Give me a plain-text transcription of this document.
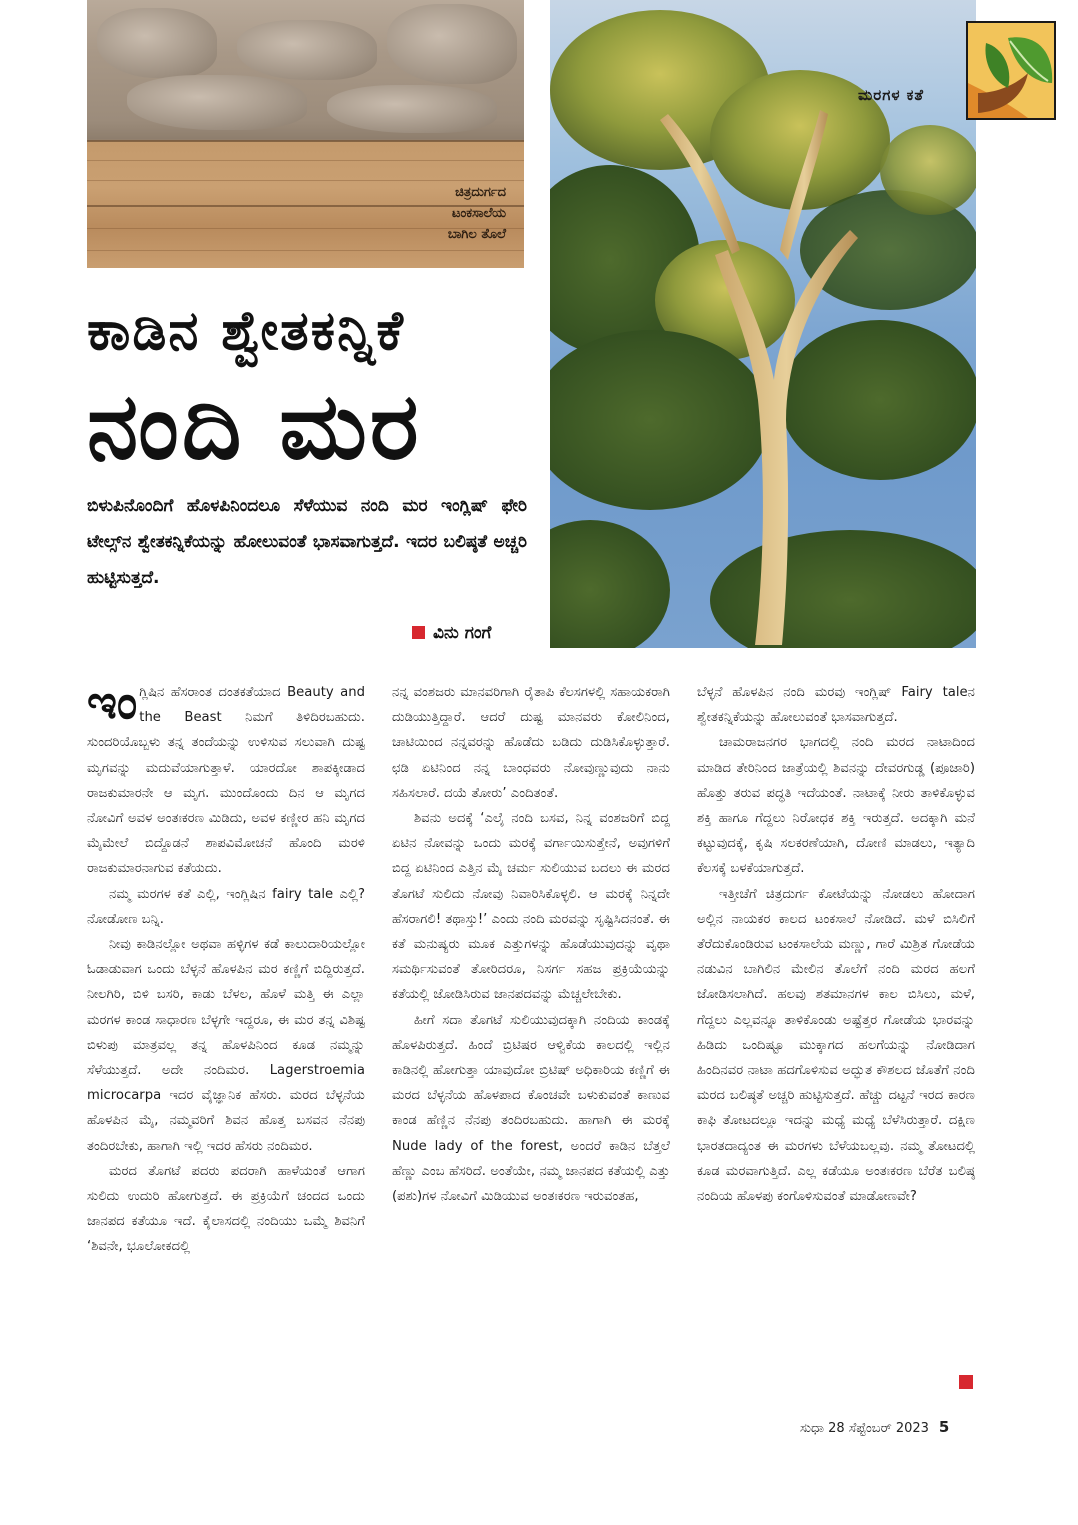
ಚಿತ್ರದುರ್ಗದ
ಟಂಕಸಾಲೆಯ
ಬಾಗಿಲ ತೊಲೆ
ಮರಗಳ ಕತೆ
ಕಾಡಿನ ಶ್ವೇತಕನ್ನಿಕೆ
ನಂದಿ ಮರ
ಬಿಳುಪಿನೊಂದಿಗೆ ಹೊಳಪಿನಿಂದಲೂ ಸೆಳೆಯುವ ನಂದಿ ಮರ ಇಂಗ್ಲಿಷ್ ಫೇರಿ ಟೇಲ್ಸ್‌ನ ಶ್ವೇತಕನ್ನಿಕೆಯನ್ನು ಹೋಲುವಂತೆ ಭಾಸವಾಗುತ್ತದೆ. ಇದರ ಬಲಿಷ್ಠತೆ ಅಚ್ಚರಿ ಹುಟ್ಟಿಸುತ್ತದೆ.
ವಿನು ಗಂಗೆ

ಇಂಗ್ಲಿಷಿನ ಹೆಸರಾಂತ ದಂತಕತೆಯಾದ Beauty and the Beast ನಿಮಗೆ ತಿಳಿದಿರಬಹುದು. ಸುಂದರಿಯೊಬ್ಬಳು ತನ್ನ ತಂದೆಯನ್ನು ಉಳಿಸುವ ಸಲುವಾಗಿ ದುಷ್ಟ ಮೃಗವನ್ನು ಮದುವೆಯಾಗುತ್ತಾಳೆ. ಯಾರದೋ ಶಾಪಕ್ಕೀಡಾದ ರಾಜಕುಮಾರನೇ ಆ ಮೃಗ. ಮುಂದೊಂದು ದಿನ ಆ ಮೃಗದ ನೋವಿಗೆ ಅವಳ ಅಂತಃಕರಣ ಮಿಡಿದು, ಅವಳ ಕಣ್ಣೀರ ಹನಿ ಮೃಗದ ಮೈಮೇಲೆ ಬಿದ್ದೊಡನೆ ಶಾಪವಿಮೋಚನೆ ಹೊಂದಿ ಮರಳಿ ರಾಜಕುಮಾರನಾಗುವ ಕತೆಯದು.

ನಮ್ಮ ಮರಗಳ ಕತೆ ಎಲ್ಲಿ, ಇಂಗ್ಲಿಷಿನ fairy tale ಎಲ್ಲಿ? ನೋಡೋಣ ಬನ್ನಿ.

ನೀವು ಕಾಡಿನಲ್ಲೋ ಅಥವಾ ಹಳ್ಳಿಗಳ ಕಡೆ ಕಾಲುದಾರಿಯಲ್ಲೋ ಓಡಾಡುವಾಗ ಒಂದು ಬೆಳ್ಳನೆ ಹೊಳಪಿನ ಮರ ಕಣ್ಣಿಗೆ ಬಿದ್ದಿರುತ್ತದೆ. ನೀಲಗಿರಿ, ಬಿಳಿ ಬಸರಿ, ಕಾಡು ಬೆಳಲ, ಹೊಳೆ ಮತ್ತಿ ಈ ಎಲ್ಲಾ ಮರಗಳ ಕಾಂಡ ಸಾಧಾರಣ ಬೆಳ್ಳಗೇ ಇದ್ದರೂ, ಈ ಮರ ತನ್ನ ವಿಶಿಷ್ಟ ಬಿಳುಪು ಮಾತ್ರವಲ್ಲ ತನ್ನ ಹೊಳಪಿನಿಂದ ಕೂಡ ನಮ್ಮನ್ನು ಸೆಳೆಯುತ್ತದೆ. ಅದೇ ನಂದಿಮರ. Lagerstroemia microcarpa ಇದರ ವೈಜ್ಞಾನಿಕ ಹೆಸರು. ಮರದ ಬೆಳ್ಳನೆಯ ಹೊಳಪಿನ ಮೈ, ನಮ್ಮವರಿಗೆ ಶಿವನ ಹೊತ್ತ ಬಸವನ ನೆನಪು ತಂದಿರಬೇಕು, ಹಾಗಾಗಿ ಇಲ್ಲಿ ಇದರ ಹೆಸರು ನಂದಿಮರ.

ಮರದ ತೊಗಟೆ ಪದರು ಪದರಾಗಿ ಹಾಳೆಯಂತೆ ಆಗಾಗ ಸುಲಿದು ಉದುರಿ ಹೋಗುತ್ತದೆ. ಈ ಪ್ರಕ್ರಿಯೆಗೆ ಚಂದದ ಒಂದು ಜಾನಪದ ಕತೆಯೂ ಇದೆ. ಕೈಲಾಸದಲ್ಲಿ ನಂದಿಯು ಒಮ್ಮೆ ಶಿವನಿಗೆ ‘ಶಿವನೇ, ಭೂಲೋಕದಲ್ಲಿ

ನನ್ನ ವಂಶಜರು ಮಾನವರಿಗಾಗಿ ರೈತಾಪಿ ಕೆಲಸಗಳಲ್ಲಿ ಸಹಾಯಕರಾಗಿ ದುಡಿಯುತ್ತಿದ್ದಾರೆ. ಆದರೆ ದುಷ್ಟ ಮಾನವರು ಕೋಲಿನಿಂದ, ಚಾಟಿಯಿಂದ ನನ್ನವರನ್ನು ಹೊಡೆದು ಬಡಿದು ದುಡಿಸಿಕೊಳ್ಳುತ್ತಾರೆ. ಛಡಿ ಏಟಿನಿಂದ ನನ್ನ ಬಾಂಧವರು ನೋವುಣ್ಣುವುದು ನಾನು ಸಹಿಸಲಾರೆ. ದಯೆ ತೋರು’ ಎಂದಿತಂತೆ.

ಶಿವನು ಅದಕ್ಕೆ ‘ಎಲೈ ನಂದಿ ಬಸವ, ನಿನ್ನ ವಂಶಜರಿಗೆ ಬಿದ್ದ ಏಟಿನ ನೋವನ್ನು ಒಂದು ಮರಕ್ಕೆ ವರ್ಗಾಯಿಸುತ್ತೇನೆ, ಅವುಗಳಿಗೆ ಬಿದ್ದ ಏಟಿನಿಂದ ಎತ್ತಿನ ಮೈ ಚರ್ಮ ಸುಲಿಯುವ ಬದಲು ಈ ಮರದ ತೊಗಟೆ ಸುಲಿದು ನೋವು ನಿವಾರಿಸಿಕೊಳ್ಳಲಿ. ಆ ಮರಕ್ಕೆ ನಿನ್ನದೇ ಹೆಸರಾಗಲಿ! ತಥಾಸ್ತು!’ ಎಂದು ನಂದಿ ಮರವನ್ನು ಸೃಷ್ಟಿಸಿದನಂತೆ. ಈ ಕತೆ ಮನುಷ್ಯರು ಮೂಕ ಎತ್ತುಗಳನ್ನು ಹೊಡೆಯುವುದನ್ನು ವೃಥಾ ಸಮರ್ಥಿಸುವಂತೆ ತೋರಿದರೂ, ನಿಸರ್ಗ ಸಹಜ ಪ್ರಕ್ರಿಯೆಯನ್ನು ಕತೆಯಲ್ಲಿ ಜೋಡಿಸಿರುವ ಜಾನಪದವನ್ನು ಮೆಚ್ಚಲೇಬೇಕು.

ಹೀಗೆ ಸದಾ ತೊಗಟೆ ಸುಲಿಯುವುದಕ್ಕಾಗಿ ನಂದಿಯ ಕಾಂಡಕ್ಕೆ ಹೊಳಪಿರುತ್ತದೆ. ಹಿಂದೆ ಬ್ರಿಟಿಷರ ಆಳ್ವಿಕೆಯ ಕಾಲದಲ್ಲಿ ಇಲ್ಲಿನ ಕಾಡಿನಲ್ಲಿ ಹೋಗುತ್ತಾ ಯಾವುದೋ ಬ್ರಿಟಿಷ್ ಅಧಿಕಾರಿಯ ಕಣ್ಣಿಗೆ ಈ ಮರದ ಬೆಳ್ಳನೆಯ ಹೊಳಪಾದ ಕೊಂಚವೇ ಬಳುಕುವಂತೆ ಕಾಣುವ ಕಾಂಡ ಹೆಣ್ಣಿನ ನೆನಪು ತಂದಿರಬಹುದು. ಹಾಗಾಗಿ ಈ ಮರಕ್ಕೆ Nude lady of the forest, ಅಂದರೆ ಕಾಡಿನ ಬೆತ್ತಲೆ ಹೆಣ್ಣು ಎಂಬ ಹೆಸರಿದೆ. ಅಂತೆಯೇ, ನಮ್ಮ ಜಾನಪದ ಕತೆಯಲ್ಲಿ ಎತ್ತು (ಪಶು)ಗಳ ನೋವಿಗೆ ಮಿಡಿಯುವ ಅಂತಃಕರಣ ಇರುವಂತಹ,

ಬೆಳ್ಳನೆ ಹೊಳಪಿನ ನಂದಿ ಮರವು ಇಂಗ್ಲಿಷ್ Fairy taleನ ಶ್ವೇತಕನ್ನಿಕೆಯನ್ನು ಹೋಲುವಂತೆ ಭಾಸವಾಗುತ್ತದೆ.

ಚಾಮರಾಜನಗರ ಭಾಗದಲ್ಲಿ ನಂದಿ ಮರದ ನಾಟಾದಿಂದ ಮಾಡಿದ ತೇರಿನಿಂದ ಜಾತ್ರೆಯಲ್ಲಿ ಶಿವನನ್ನು ದೇವರಗುಡ್ಡ (ಪೂಜಾರಿ) ಹೊತ್ತು ತರುವ ಪದ್ಧತಿ ಇದೆಯಂತೆ. ನಾಟಾಕ್ಕೆ ನೀರು ತಾಳಿಕೊಳ್ಳುವ ಶಕ್ತಿ ಹಾಗೂ ಗೆದ್ದಲು ನಿರೋಧಕ ಶಕ್ತಿ ಇರುತ್ತದೆ. ಅದಕ್ಕಾಗಿ ಮನೆ ಕಟ್ಟುವುದಕ್ಕೆ, ಕೃಷಿ ಸಲಕರಣೆಯಾಗಿ, ದೋಣಿ ಮಾಡಲು, ಇತ್ಯಾದಿ ಕೆಲಸಕ್ಕೆ ಬಳಕೆಯಾಗುತ್ತದೆ.

ಇತ್ತೀಚೆಗೆ ಚಿತ್ರದುರ್ಗ ಕೋಟೆಯನ್ನು ನೋಡಲು ಹೋದಾಗ ಅಲ್ಲಿನ ನಾಯಕರ ಕಾಲದ ಟಂಕಸಾಲೆ ನೋಡಿದೆ. ಮಳೆ ಬಿಸಿಲಿಗೆ ತೆರೆದುಕೊಂಡಿರುವ ಟಂಕಸಾಲೆಯ ಮಣ್ಣು, ಗಾರೆ ಮಿಶ್ರಿತ ಗೋಡೆಯ ನಡುವಿನ ಬಾಗಿಲಿನ ಮೇಲಿನ ತೊಲೆಗೆ ನಂದಿ ಮರದ ಹಲಗೆ ಜೋಡಿಸಲಾಗಿದೆ. ಹಲವು ಶತಮಾನಗಳ ಕಾಲ ಬಿಸಿಲು, ಮಳೆ, ಗೆದ್ದಲು ಎಲ್ಲವನ್ನೂ ತಾಳಿಕೊಂಡು ಅಷ್ಟೆತ್ತರ ಗೋಡೆಯ ಭಾರವನ್ನು ಹಿಡಿದು ಒಂದಿಷ್ಟೂ ಮುಕ್ಕಾಗದ ಹಲಗೆಯನ್ನು ನೋಡಿದಾಗ ಹಿಂದಿನವರ ನಾಟಾ ಹದಗೊಳಿಸುವ ಅದ್ಭುತ ಕೌಶಲದ ಜೊತೆಗೆ ನಂದಿ ಮರದ ಬಲಿಷ್ಠತೆ ಅಚ್ಚರಿ ಹುಟ್ಟಿಸುತ್ತದೆ. ಹೆಚ್ಚು ದಟ್ಟನೆ ಇರದ ಕಾರಣ ಕಾಫಿ ತೋಟದಲ್ಲೂ ಇದನ್ನು ಮಧ್ಯೆ ಮಧ್ಯೆ ಬೆಳೆಸಿರುತ್ತಾರೆ. ದಕ್ಷಿಣ ಭಾರತದಾದ್ಯಂತ ಈ ಮರಗಳು ಬೆಳೆಯಬಲ್ಲವು. ನಮ್ಮ ತೋಟದಲ್ಲಿ ಕೂಡ ಮರವಾಗುತ್ತಿದೆ. ಎಲ್ಲ ಕಡೆಯೂ ಅಂತಃಕರಣ ಬೆರೆತ ಬಲಿಷ್ಠ ನಂದಿಯ ಹೊಳಪು ಕಂಗೊಳಿಸುವಂತೆ ಮಾಡೋಣವೇ?

ಸುಧಾ 28 ಸೆಪ್ಟೆಂಬರ್ 2023 5
